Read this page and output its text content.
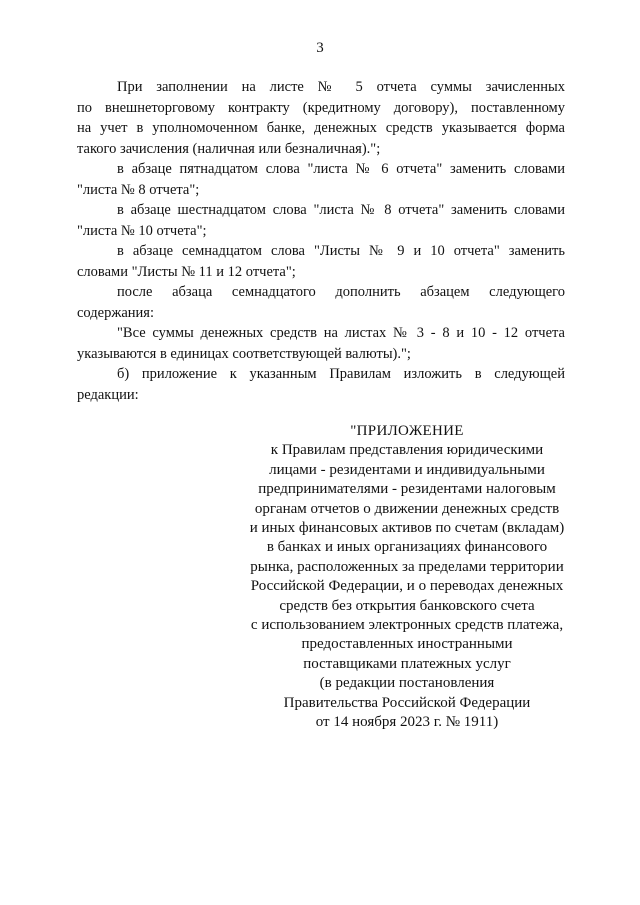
3

При заполнении на листе № 5 отчета суммы зачисленных
по внешнеторговому контракту (кредитному договору), поставленному
на учет в уполномоченном банке, денежных средств указывается форма
такого зачисления (наличная или безналичная).";

в абзаце пятнадцатом слова "листа № 6 отчета" заменить словами
"листа № 8 отчета";

в абзаце шестнадцатом слова "листа № 8 отчета" заменить словами
"листа № 10 отчета";

в абзаце семнадцатом слова "Листы № 9 и 10 отчета" заменить
словами "Листы № 11 и 12 отчета";

после абзаца семнадцатого дополнить абзацем следующего
содержания:

"Все суммы денежных средств на листах № 3 - 8 и 10 - 12 отчета
указываются в единицах соответствующей валюты).";

б) приложение к указанным Правилам изложить в следующей
редакции:

"ПРИЛОЖЕНИЕ
к Правилам представления юридическими
лицами - резидентами и индивидуальными
предпринимателями - резидентами налоговым
органам отчетов о движении денежных средств
и иных финансовых активов по счетам (вкладам)
в банках и иных организациях финансового
рынка, расположенных за пределами территории
Российской Федерации, и о переводах денежных
средств без открытия банковского счета
с использованием электронных средств платежа,
предоставленных иностранными
поставщиками платежных услуг
(в редакции постановления
Правительства Российской Федерации
от 14 ноября 2023 г. № 1911)
